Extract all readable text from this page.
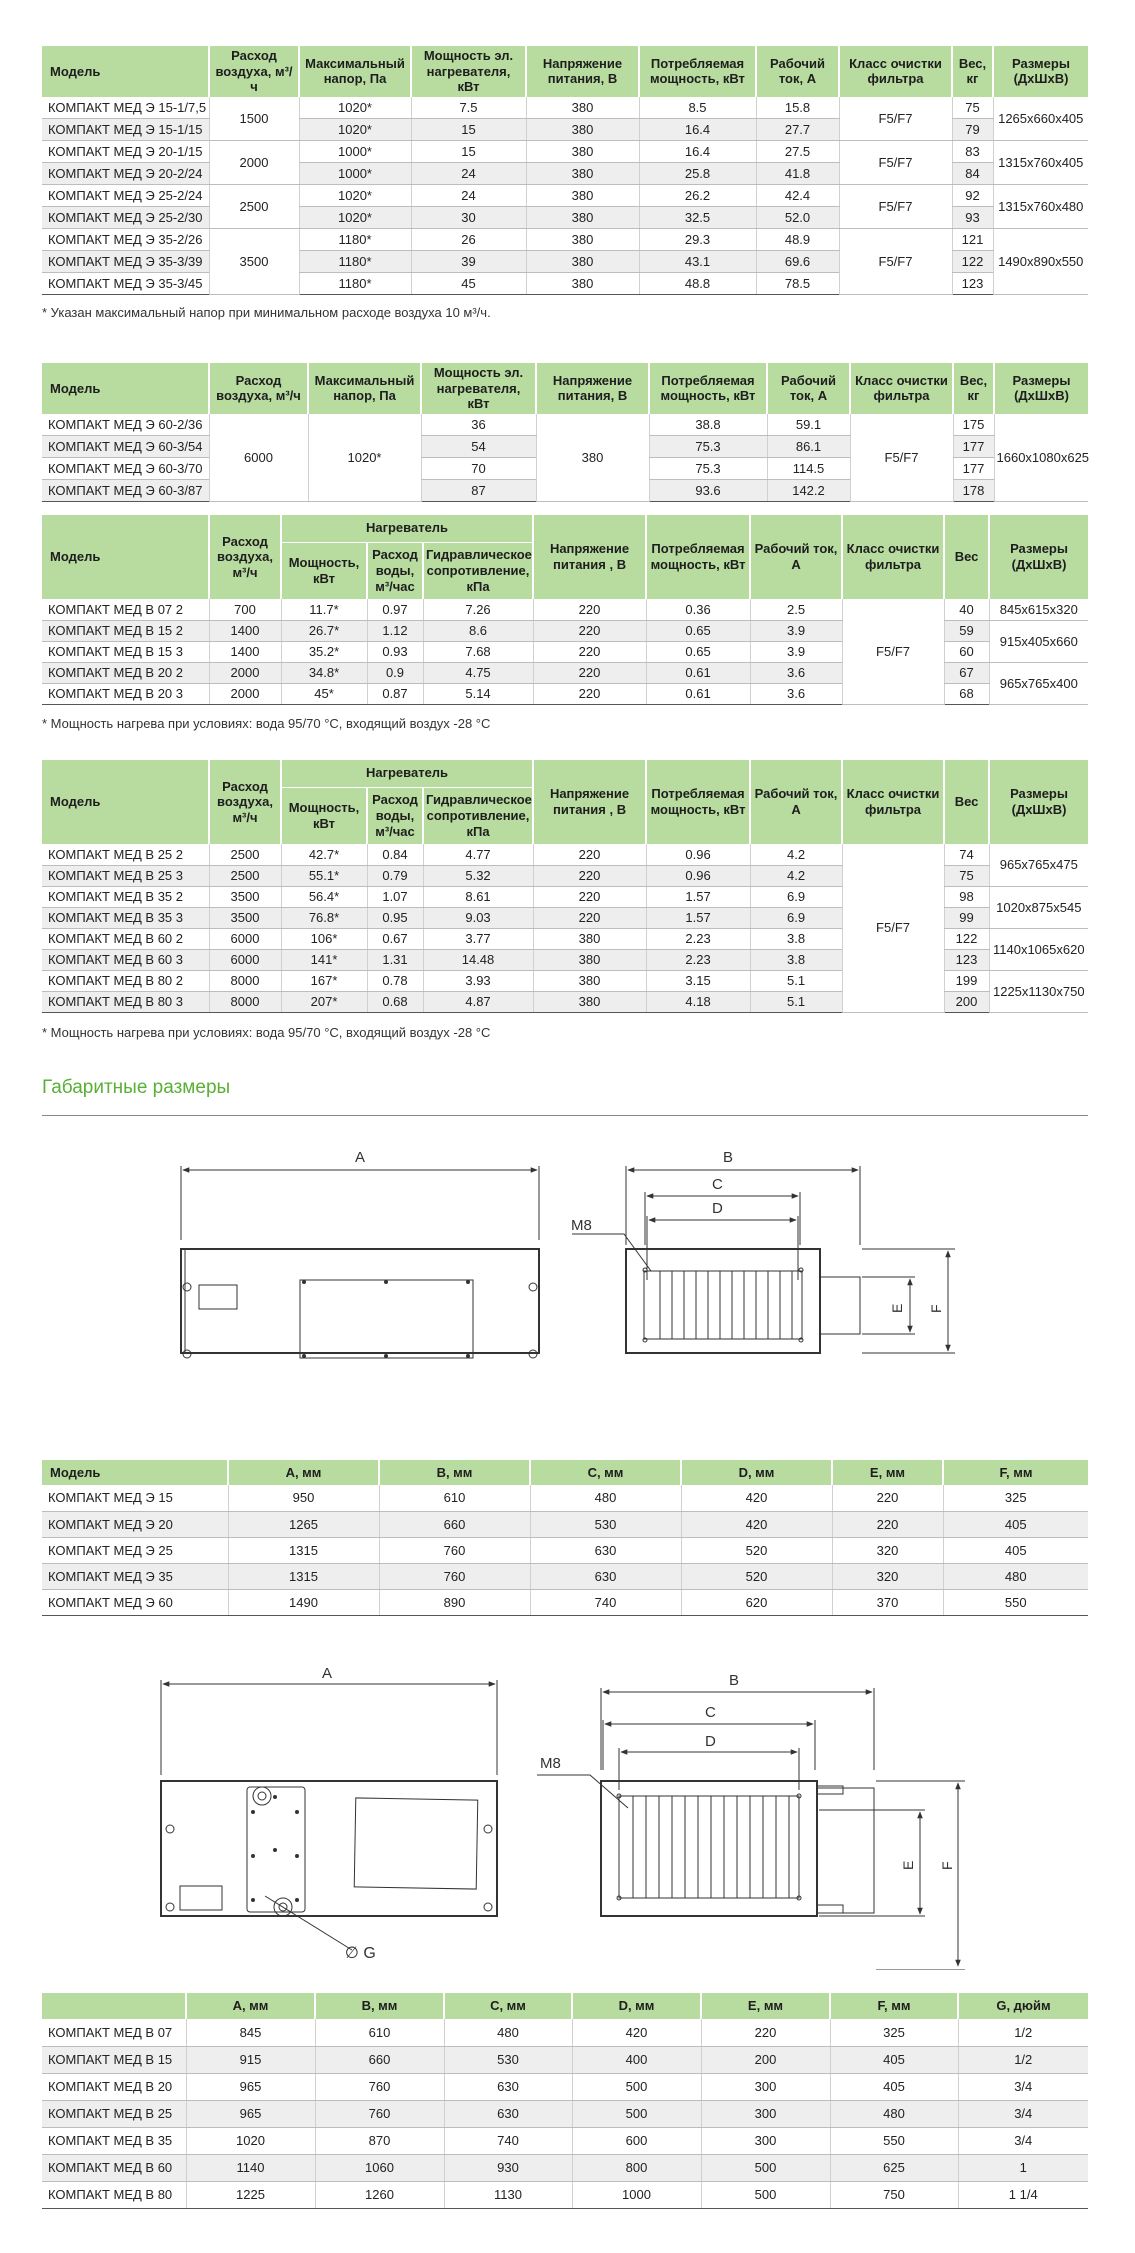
Модель	Расход воздуха, м³/ч	Максимальный напор, Па	Мощность эл. нагревателя, кВт	Напряжение питания, В	Потребляемая мощность, кВт	Рабочий ток, А	Класс очистки фильтра	Вес, кг	Размеры (ДхШхВ)
КОМПАКТ МЕД Э 15-1/7,5	1500	1020*	7.5	380	8.5	15.8	F5/F7	75	1265x660x405
КОМПАКТ МЕД Э 15-1/15		1020*	15	380	16.4	27.7		79	
КОМПАКТ МЕД Э 20-1/15	2000	1000*	15	380	16.4	27.5	F5/F7	83	1315x760x405
КОМПАКТ МЕД Э 20-2/24		1000*	24	380	25.8	41.8		84	
КОМПАКТ МЕД Э 25-2/24	2500	1020*	24	380	26.2	42.4	F5/F7	92	1315x760x480
КОМПАКТ МЕД Э 25-2/30		1020*	30	380	32.5	52.0		93	
КОМПАКТ МЕД Э 35-2/26	3500	1180*	26	380	29.3	48.9	F5/F7	121	1490x890x550
КОМПАКТ МЕД Э 35-3/39		1180*	39	380	43.1	69.6		122	
КОМПАКТ МЕД Э 35-3/45		1180*	45	380	48.8	78.5		123	
* Указан максимальный напор при минимальном расходе воздуха 10 м³/ч.
Модель	Расход воздуха, м³/ч	Максимальный напор, Па	Мощность эл. нагревателя, кВт	Напряжение питания, В	Потребляемая мощность, кВт	Рабочий ток, А	Класс очистки фильтра	Вес, кг	Размеры (ДхШхВ)
КОМПАКТ МЕД Э 60-2/36	6000	1020*	36	380	38.8	59.1	F5/F7	175	1660x1080x625
КОМПАКТ МЕД Э 60-3/54			54		75.3	86.1		177	
КОМПАКТ МЕД Э 60-3/70			70		75.3	114.5		177	
КОМПАКТ МЕД Э 60-3/87			87		93.6	142.2		178	
Модель	Расход воздуха, м³/ч	Нагреватель			Напряжение питания , В	Потребляемая мощность, кВт	Рабочий ток, А	Класс очистки фильтра	Вес	Размеры (ДхШхВ)
		Мощность, кВт	Расход воды, м³/час	Гидравлическое сопротивление, кПа						
КОМПАКТ МЕД В 07 2	700	11.7*	0.97	7.26	220	0.36	2.5	F5/F7	40	845x615x320
КОМПАКТ МЕД В 15 2	1400	26.7*	1.12	8.6	220	0.65	3.9		59	915x405x660
КОМПАКТ МЕД В 15 3	1400	35.2*	0.93	7.68	220	0.65	3.9		60	
КОМПАКТ МЕД В 20 2	2000	34.8*	0.9	4.75	220	0.61	3.6		67	965x765x400
КОМПАКТ МЕД В 20 3	2000	45*	0.87	5.14	220	0.61	3.6		68	
* Мощность нагрева при условиях: вода 95/70 °С, входящий воздух -28 °С
Модель	Расход воздуха, м³/ч	Нагреватель			Напряжение питания , В	Потребляемая мощность, кВт	Рабочий ток, А	Класс очистки фильтра	Вес	Размеры (ДхШхВ)
		Мощность, кВт	Расход воды, м³/час	Гидравлическое сопротивление, кПа						
КОМПАКТ МЕД В 25 2	2500	42.7*	0.84	4.77	220	0.96	4.2	F5/F7	74	965x765x475
КОМПАКТ МЕД В 25 3	2500	55.1*	0.79	5.32	220	0.96	4.2		75	
КОМПАКТ МЕД В 35 2	3500	56.4*	1.07	8.61	220	1.57	6.9		98	1020x875x545
КОМПАКТ МЕД В 35 3	3500	76.8*	0.95	9.03	220	1.57	6.9		99	
КОМПАКТ МЕД В 60 2	6000	106*	0.67	3.77	380	2.23	3.8		122	1140x1065x620
КОМПАКТ МЕД В 60 3	6000	141*	1.31	14.48	380	2.23	3.8		123	
КОМПАКТ МЕД В 80 2	8000	167*	0.78	3.93	380	3.15	5.1		199	1225x1130x750
КОМПАКТ МЕД В 80 3	8000	207*	0.68	4.87	380	4.18	5.1		200	
* Мощность нагрева при условиях: вода 95/70 °С, входящий воздух -28 °С
Габаритные размеры
A	B
C
D
M8
E F
Модель	A, мм	B, мм	C, мм	D, мм	E, мм	F, мм
КОМПАКТ МЕД Э 15	950	610	480	420	220	325
КОМПАКТ МЕД Э 20	1265	660	530	420	220	405
КОМПАКТ МЕД Э 25	1315	760	630	520	320	405
КОМПАКТ МЕД Э 35	1315	760	630	520	320	480
КОМПАКТ МЕД Э 60	1490	890	740	620	370	550
A	B
C
D
M8
∅ G
E F
	A, мм	B, мм	C, мм	D, мм	E, мм	F, мм	G, дюйм
КОМПАКТ МЕД В 07	845	610	480	420	220	325	1/2
КОМПАКТ МЕД В 15	915	660	530	400	200	405	1/2
КОМПАКТ МЕД В 20	965	760	630	500	300	405	3/4
КОМПАКТ МЕД В 25	965	760	630	500	300	480	3/4
КОМПАКТ МЕД В 35	1020	870	740	600	300	550	3/4
КОМПАКТ МЕД В 60	1140	1060	930	800	500	625	1
КОМПАКТ МЕД В 80	1225	1260	1130	1000	500	750	1 1/4
